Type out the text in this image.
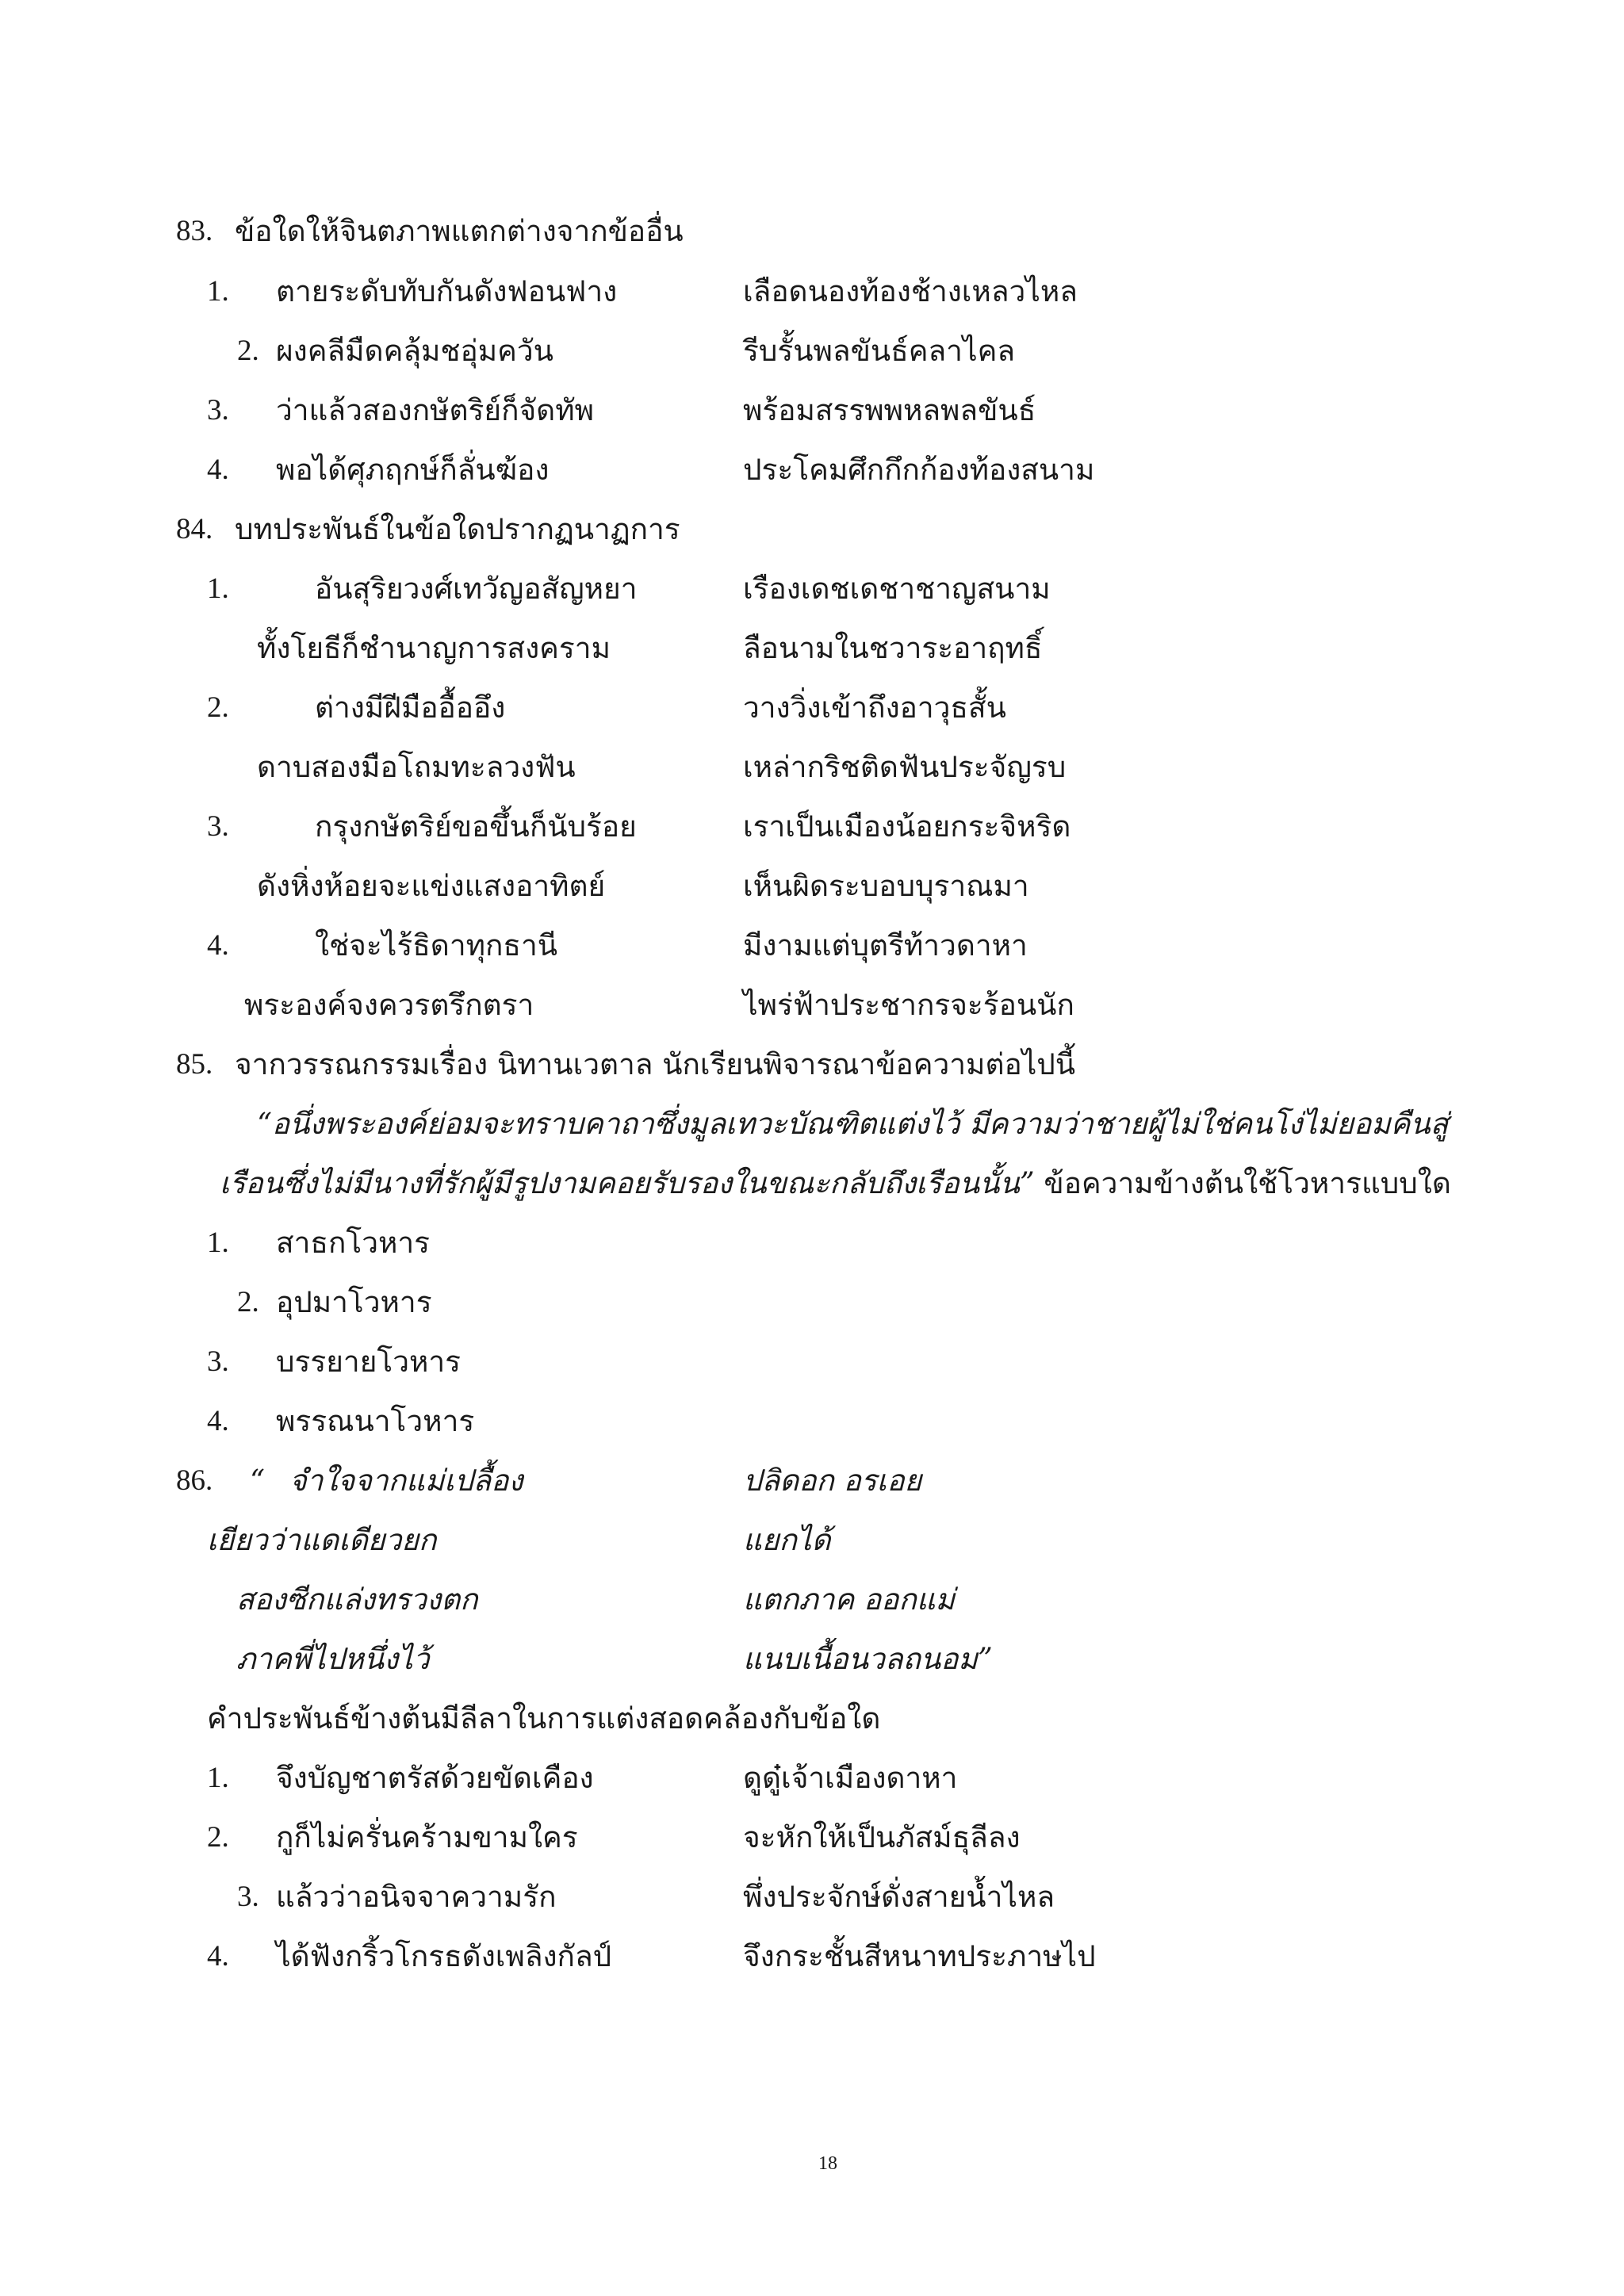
83. ข้อใดให้จินตภาพแตกต่างจากข้ออื่น
1. ตายระดับทับกันดังฟอนฟาง	เลือดนองท้องช้างเหลวไหล
2. ผงคลีมืดคลุ้มชอุ่มควัน	รีบรั้นพลขันธ์คลาไคล
3. ว่าแล้วสองกษัตริย์ก็จัดทัพ	พร้อมสรรพพหลพลขันธ์
4. พอได้ศุภฤกษ์ก็ลั่นฆ้อง	ประโคมศึกกึกก้องท้องสนาม
84. บทประพันธ์ในข้อใดปรากฏนาฏการ
1.	อันสุริยวงศ์เทวัญอสัญหยา	เรืองเดชเดชาชาญสนาม
ทั้งโยธีก็ชำนาญการสงคราม	ลือนามในชวาระอาฤทธิ์
2.	ต่างมีฝีมืออื้ออึง	วางวิ่งเข้าถึงอาวุธสั้น
ดาบสองมือโถมทะลวงฟัน	เหล่ากริชติดฟันประจัญรบ
3.	กรุงกษัตริย์ขอขึ้นก็นับร้อย	เราเป็นเมืองน้อยกระจิหริด
ดังหิ่งห้อยจะแข่งแสงอาทิตย์	เห็นผิดระบอบบุราณมา
4.	ใช่จะไร้ธิดาทุกธานี	มีงามแต่บุตรีท้าวดาหา
พระองค์จงควรตรึกตรา	ไพร่ฟ้าประชากรจะร้อนนัก
85. จากวรรณกรรมเรื่อง นิทานเวตาล นักเรียนพิจารณาข้อความต่อไปนี้
“อนึ่งพระองค์ย่อมจะทราบคาถาซึ่งมูลเทวะบัณฑิตแต่งไว้ มีความว่าชายผู้ไม่ใช่คนโง่ไม่ยอมคืนสู่
เรือนซึ่งไม่มีนางที่รักผู้มีรูปงามคอยรับรองในขณะกลับถึงเรือนนั้น” ข้อความข้างต้นใช้โวหารแบบใด
1. สาธกโวหาร
2. อุปมาโวหาร
3. บรรยายโวหาร
4. พรรณนาโวหาร
86. “ จำใจจากแม่เปลื้อง	ปลิดอก อรเอย
เยียวว่าแดเดียวยก	แยกได้
สองซีกแล่งทรวงตก	แตกภาค ออกแม่
ภาคพี่ไปหนึ่งไว้	แนบเนื้อนวลถนอม”
คำประพันธ์ข้างต้นมีลีลาในการแต่งสอดคล้องกับข้อใด
1. จึงบัญชาตรัสด้วยขัดเคือง	ดูดู๋เจ้าเมืองดาหา
2. กูก็ไม่ครั่นคร้ามขามใคร	จะหักให้เป็นภัสม์ธุลีลง
3. แล้วว่าอนิจจาความรัก	พึ่งประจักษ์ดั่งสายน้ำไหล
4. ได้ฟังกริ้วโกรธดังเพลิงกัลป์	จึงกระชั้นสีหนาทประภาษไป
18
